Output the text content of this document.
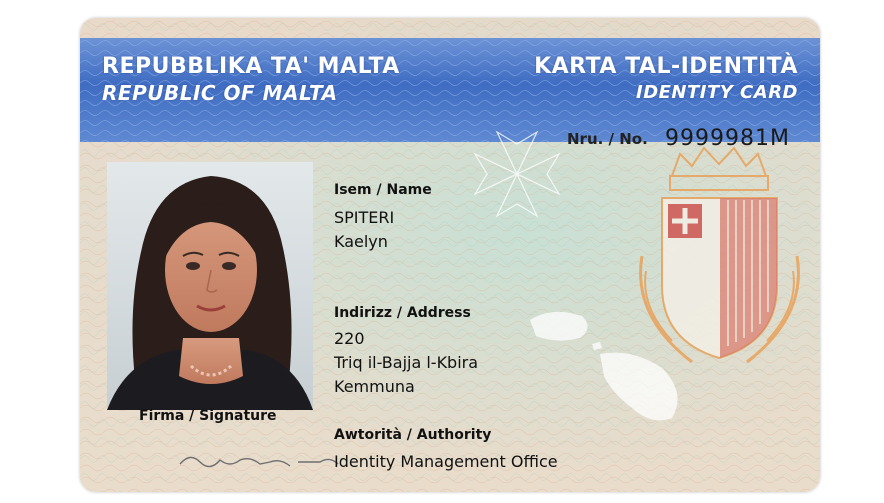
REPUBBLIKA TA' MALTA
REPUBLIC OF MALTA
KARTA TAL-IDENTITÀ
IDENTITY CARD
Nru. / No. 9999981M
Isem / Name
SPITERI
Kaelyn
Indirizz / Address
220
Triq il-Bajja l-Kbira
Kemmuna
Firma / Signature
Awtorità / Authority
Identity Management Office
